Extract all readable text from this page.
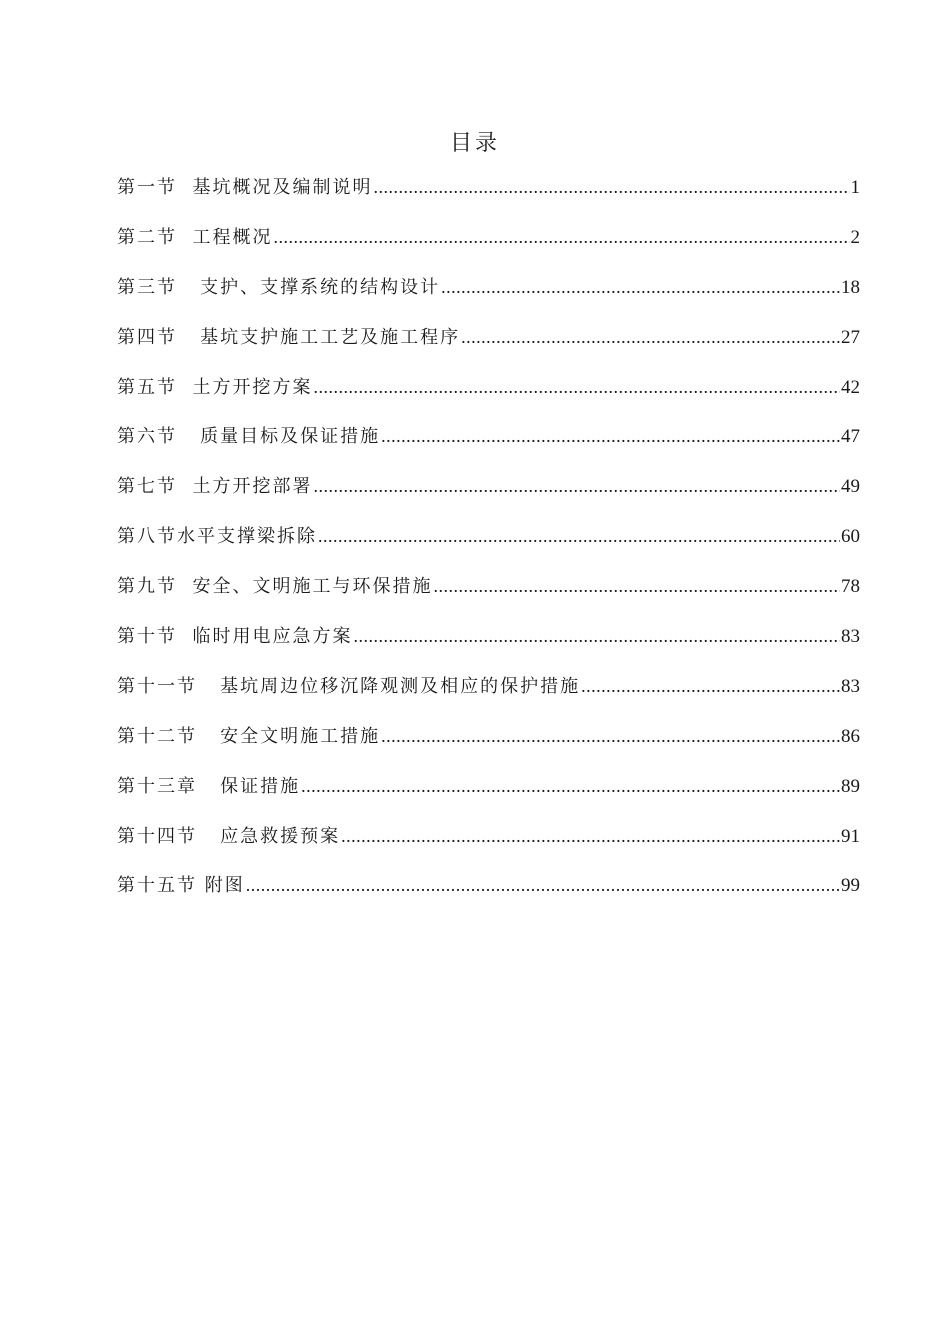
目录
第一节  基坑概况及编制说明 .....	1
第二节  工程概况 .....	2
第三节   支护、支撑系统的结构设计 .....	18
第四节   基坑支护施工工艺及施工程序 .....	27
第五节  土方开挖方案 .....	42
第六节   质量目标及保证措施 .....	47
第七节  土方开挖部署 .....	49
第八节水平支撑梁拆除 .....	60
第九节  安全、文明施工与环保措施 .....	78
第十节  临时用电应急方案 .....	83
第十一节   基坑周边位移沉降观测及相应的保护措施 .....	83
第十二节   安全文明施工措施 .....	86
第十三章   保证措施 .....	89
第十四节   应急救援预案 .....	91
第十五节 附图 .....	99
